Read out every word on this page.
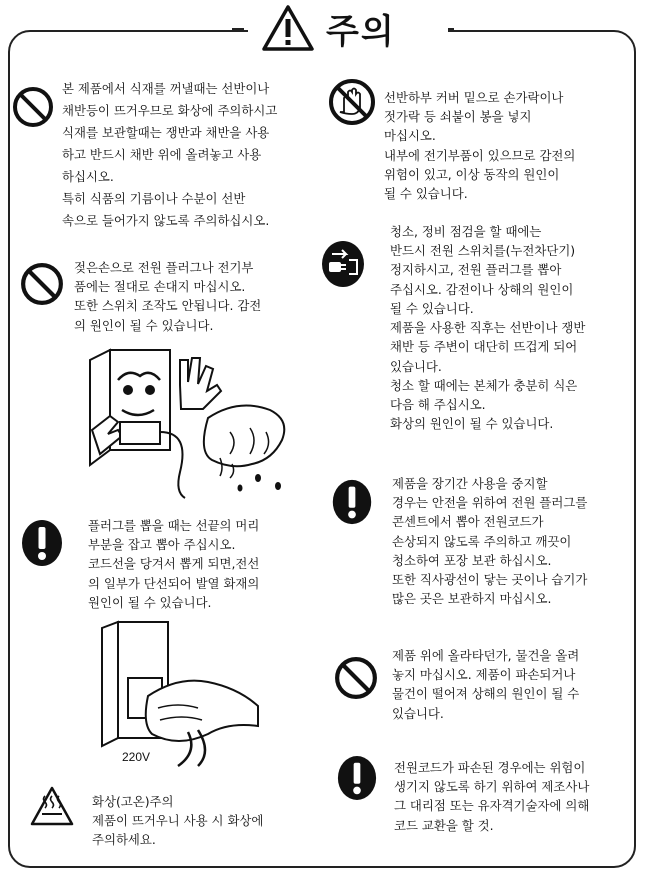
주의
본 제품에서 식재를 꺼낼때는 선반이나
채반등이 뜨거우므로 화상에 주의하시고
식재를 보관할때는 쟁반과 채반을 사용
하고 반드시 채반 위에 올려놓고 사용
하십시오.
특히 식품의 기름이나 수분이 선반
속으로 들어가지 않도록 주의하십시오.
젖은손으로 전원 플러그나 전기부
품에는 절대로 손대지 마십시오.
또한 스위치 조작도 안됩니다. 감전
의 원인이 될 수 있습니다.
플러그를 뽑을 때는 선끝의 머리
부분을 잡고 뽑아 주십시오.
코드선을 당겨서 뽑게 되면,전선
의 일부가 단선되어 발열 화재의
원인이 될 수 있습니다.
220V
화상(고온)주의
제품이 뜨거우니 사용 시 화상에
주의하세요.
선반하부 커버 밑으로 손가락이나
젓가락 등 쇠붙이 봉을 넣지
마십시오.
내부에 전기부품이 있으므로 감전의
위험이 있고, 이상 동작의 원인이
될 수 있습니다.
청소, 정비 점검을 할 때에는
반드시 전원 스위치를(누전차단기)
정지하시고, 전원 플러그를 뽑아
주십시오. 감전이나 상해의 원인이
될 수 있습니다.
제품을 사용한 직후는 선반이나 쟁반
채반 등 주변이 대단히 뜨겁게 되어
있습니다.
청소 할 때에는 본체가 충분히 식은
다음 해 주십시오.
화상의 원인이 될 수 있습니다.
제품을 장기간 사용을 중지할
경우는 안전을 위하여 전원 플러그를
콘센트에서 뽑아 전원코드가
손상되지 않도록 주의하고 깨끗이
청소하여 포장 보관 하십시오.
또한 직사광선이 닿는 곳이나 습기가
많은 곳은 보관하지 마십시오.
제품 위에 올라타던가, 물건을 올려
놓지 마십시오. 제품이 파손되거나
물건이 떨어져 상해의 원인이 될 수
있습니다.
전원코드가 파손된 경우에는 위험이
생기지 않도록 하기 위하여 제조사나
그 대리점 또는 유자격기술자에 의해
코드 교환을 할 것.
